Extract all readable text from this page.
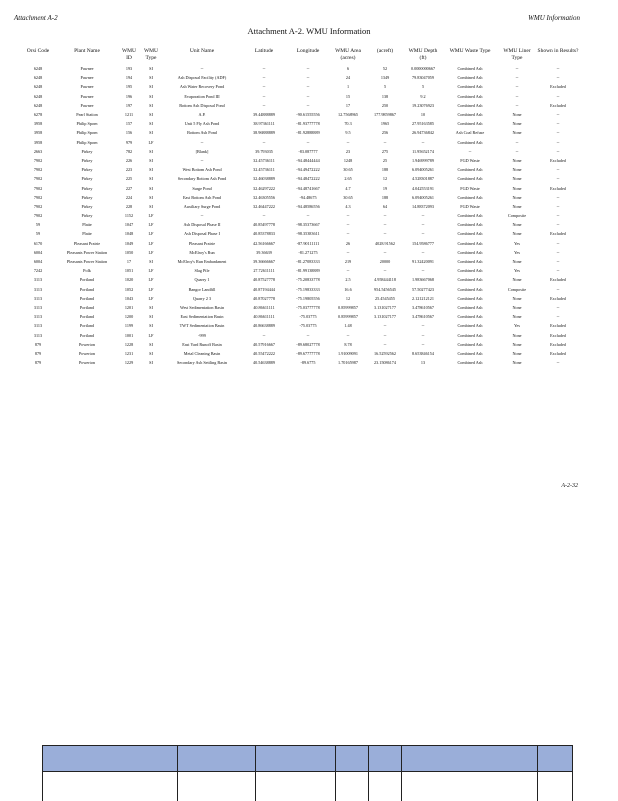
Attachment A-2	WMU Information
Attachment A-2. WMU Information
Orsi Code	Plant Name	WMU ID	WMU Type	Unit Name	Latitude	Longitude	WMU Area (acres)	(acreft)	WMU Depth (ft)	WMU Waste Type	WMU Liner Type	Shown in Results?
6248	Pawnee	193	SI	--	--	--	6	52	0.0000000667	Combined Ash	--	--
6248	Pawnee	194	SI	Ash Disposal Facility (ADF)	--	--	24	1349	79.83047059	Combined Ash	--	--
6248	Pawnee	195	SI	Ash Water Recovery Pond	--	--	1	5	5	Combined Ash	--	Excluded
6248	Pawnee	196	SI	Evaporation Pond III	--	--	15	138	9.2	Combined Ash	--	--
6248	Pawnee	197	SI	Bottom Ash Disposal Pond	--	--	17	250	19.23076923	Combined Ash	--	Excluded
6278	Pearl Station	1211	SI	A.P.	39.44888889	-90.61555556	12.7568965	177.9859867	10	Combined Ash	None	--
3958	Philip Sporn	157	SI	Unit 5 Fly Ash Pond	38.97361111	-81.93777778	70.3	1965	27.95163585	Combined Ash	None	--
3958	Philip Sporn	156	SI	Bottom Ash Pond	38.96888889	-81.92888889	9.5	256	26.94736842	Ash Coal Refuse	None	--
3958	Philip Sporn	979	LF	--	--	--	--	--	--	Combined Ash	--	--
2663	Pirkey	782	SI	[Blank]	39.793035	-83.087777	23	275	11.95652174	--	--	--
7902	Pirkey	226	SI	--	32.45736111	-94.48444444	1248	25	1.946999789	FGD Waste	None	Excluded
7902	Pirkey	223	SI	West Bottom Ash Pond	32.45736111	-94.49472222	30.65	188	6.094005261	Combined Ash	None	--
7902	Pirkey	225	SI	Secondary Bottom Ash Pond	32.46038889	-94.48472222	2.65	12	4.528301887	Combined Ash	None	--
7902	Pirkey	227	SI	Surge Pond	32.46297222	-94.48741667	4.7	19	4.042553191	FGD Waste	None	Excluded
7902	Pirkey	224	SI	East Bottom Ash Pond	32.46305556	-94.48675	30.65	188	6.094005261	Combined Ash	None	--
7902	Pirkey	228	SI	Auxiliary Surge Pond	32.46447222	-94.48586556	4.3	64	14.88372093	FGD Waste	None	--
7902	Pirkey	1152	LF	--	--	--	--	--	--	Combined Ash	Composite	--
59	Platte	1047	LF	Ash Disposal Phase II	40.85497778	-98.35373667	--	--	--	Combined Ash	None	--
59	Platte	1048	LF	Ash Disposal Phase I	40.85378833	-98.35383611	--	--	--	Combined Ash	None	Excluded
6170	Pleasant Prairie	1049	LF	Pleasant Prairie	42.56166667	-87.90111111	26	4028.91562	154.9586777	Combined Ash	Yes	--
6004	Pleasants Power Station	1050	LF	McElroy's Run	39.36639	-81.271275	--	--	--	Combined Ash	Yes	--
6004	Pleasants Power Station	17	SI	McElroy's Run Embankment	39.36666667	-81.27083333	219	20000	91.32420091	Combined Ash	None	--
7242	Polk	1051	LF	Slag Pile	27.72611111	-81.99138889	--	--	--	Combined Ash	Yes	--
3113	Portland	1020	LF	Quarry 1	40.87527778	-75.20833778	2.5	4.958444118	1.983667068	Combined Ash	None	Excluded
3113	Portland	1052	LF	Bangor Landfill	40.87194444	-75.19833333	16.6	954.5456545	57.50277423	Combined Ash	Composite	--
3113	Portland	1043	LF	Quarry 2 3	40.87027778	-75.19805556	12	25.4545455	2.121212121	Combined Ash	None	Excluded
3113	Portland	1201	SI	West Sedimentation Basin	40.86611111	-75.03777778	0.85999857	3.131027177	3.478610567	Combined Ash	None	--
3113	Portland	1200	SI	East Sedimentation Basin	40.86611111	-75.03775	0.85999857	3.131027177	3.478610567	Combined Ash	None	--
3113	Portland	1199	SI	TWT Sedimentation Basin	40.86638889	-75.03775	1.48	--	--	Combined Ash	Yes	Excluded
3113	Portland	1001	LF	-999	--	--	--	--	--	Combined Ash	None	Excluded
879	Powerton	1228	SI	East Yard Runoff Basin	40.57916667	-89.68027778	8.78	--	--	Combined Ash	None	Excluded
879	Powerton	1231	SI	Metal Cleaning Basin	40.55472222	-89.67777778	1.91009091	16.52592562	8.653846154	Combined Ash	None	Excluded
879	Powerton	1229	SI	Secondary Ash Settling Basin	40.54638889	-89.6775	1.70165987	23.15086174	13	Combined Ash	None	--
A-2-32
